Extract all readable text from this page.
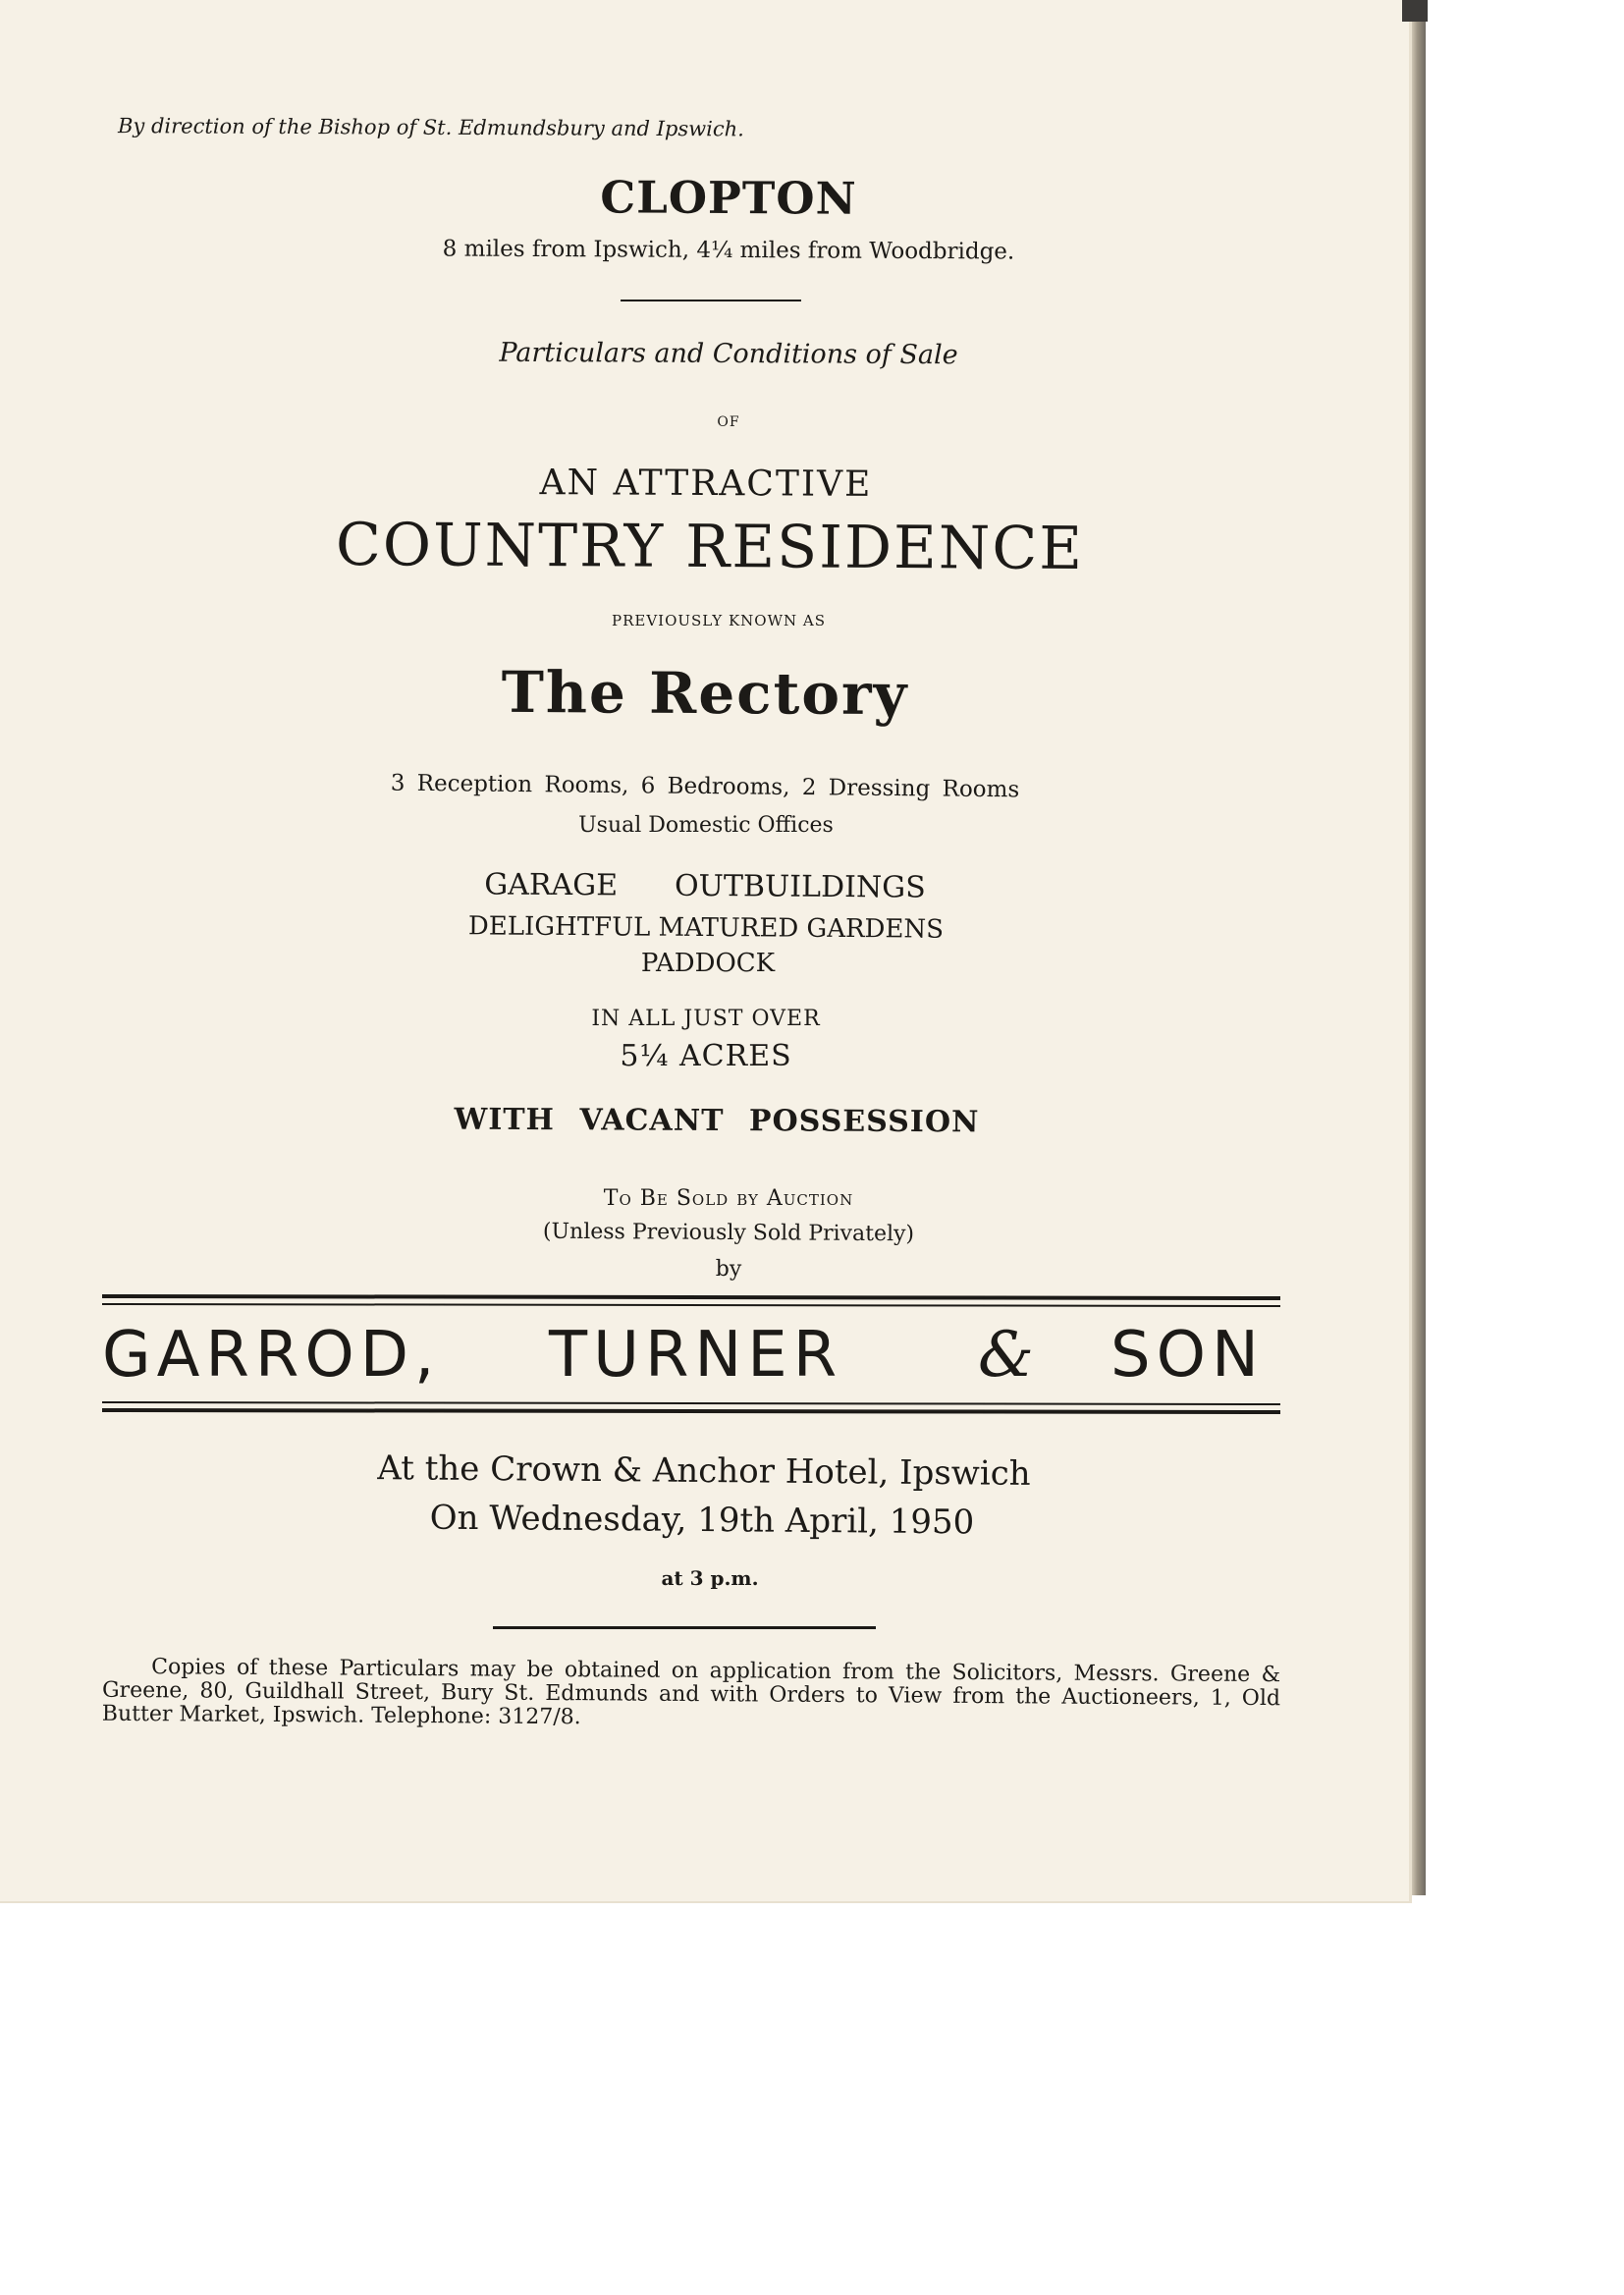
By direction of the Bishop of St. Edmundsbury and Ipswich.
CLOPTON
8 miles from Ipswich, 4¼ miles from Woodbridge.
Particulars and Conditions of Sale
OF
AN ATTRACTIVE
COUNTRY RESIDENCE
PREVIOUSLY KNOWN AS
The Rectory
3 Reception Rooms, 6 Bedrooms, 2 Dressing Rooms
Usual Domestic Offices
GARAGE OUTBUILDINGS
DELIGHTFUL MATURED GARDENS
PADDOCK
IN ALL JUST OVER
5¼ ACRES
WITH VACANT POSSESSION
To Be Sold by Auction
(Unless Previously Sold Privately)
by
GARROD, TURNER & SON
At the Crown & Anchor Hotel, Ipswich
On Wednesday, 19th April, 1950
at 3 p.m.
Copies of these Particulars may be obtained on application from the Solicitors, Messrs. Greene & Greene, 80, Guildhall Street, Bury St. Edmunds and with Orders to View from the Auctioneers, 1, Old Butter Market, Ipswich. Telephone: 3127/8.
